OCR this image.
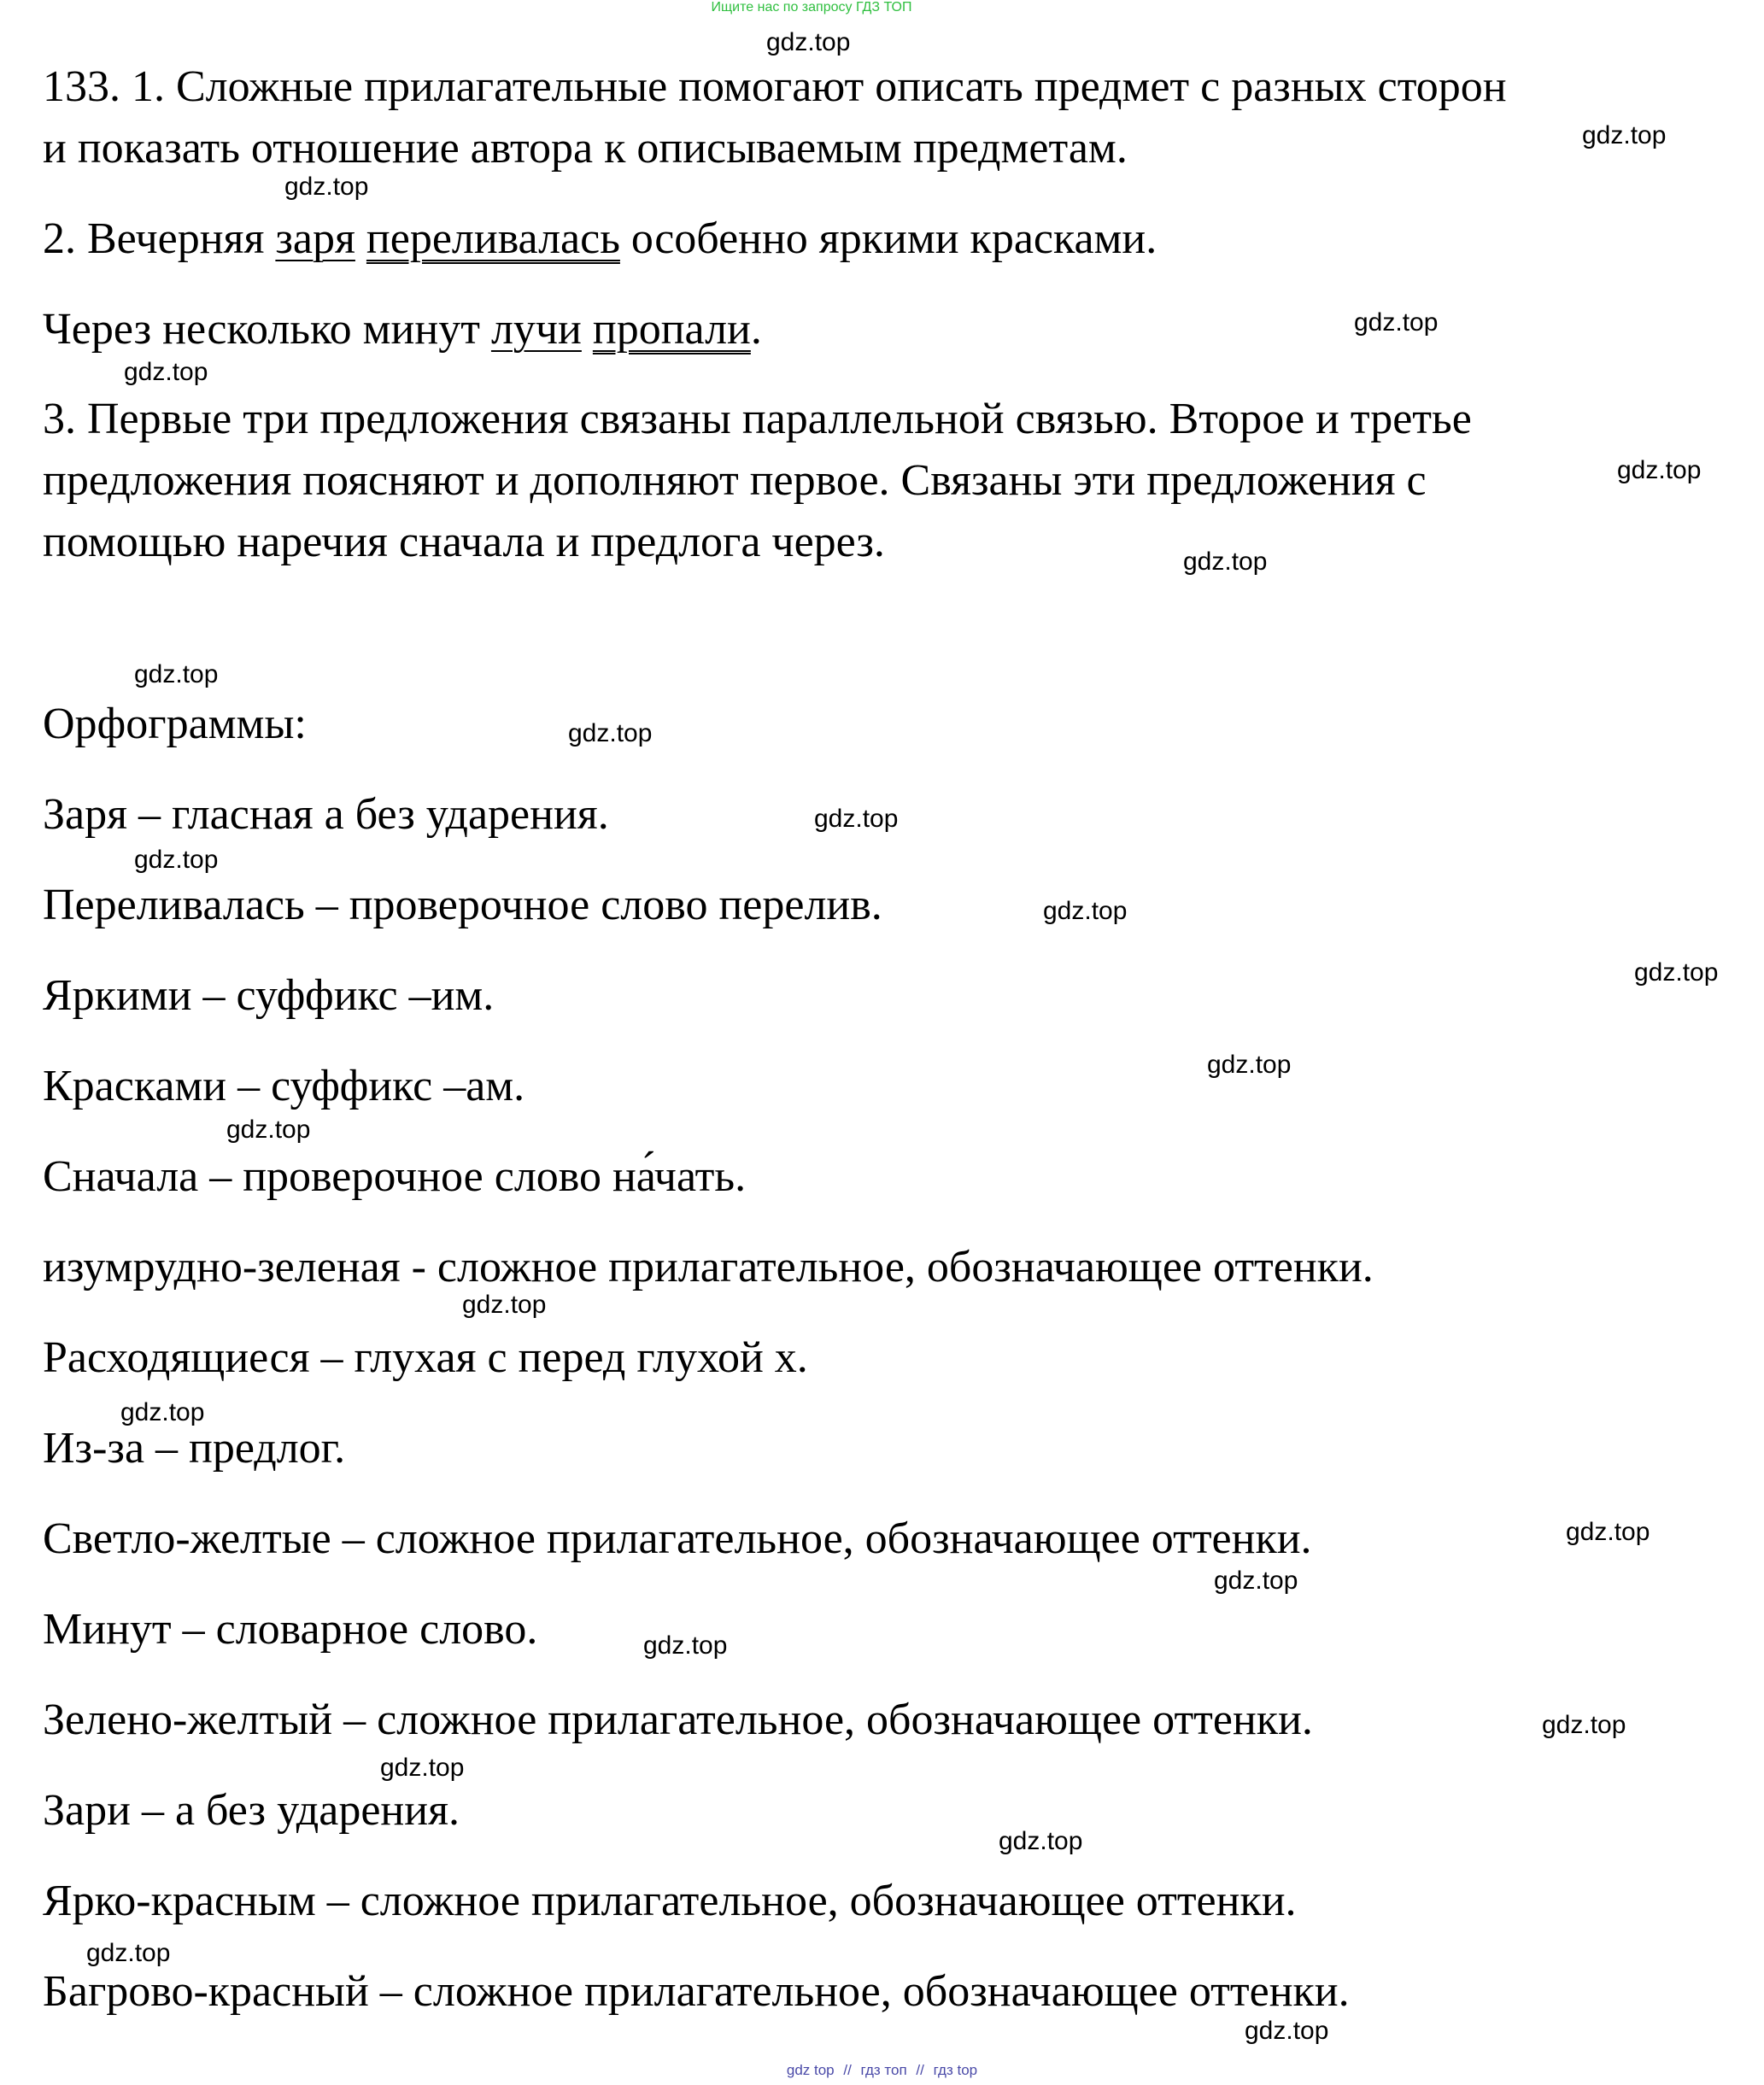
Ищите нас по запросу ГДЗ ТОП
133. 1. Сложные прилагательные помогают описать предмет с разных сторон
и показать отношение автора к описываемым предметам.
2. Вечерняя заря переливалась особенно яркими красками.
Через несколько минут лучи пропали.
3. Первые три предложения связаны параллельной связью. Второе и третье
предложения поясняют и дополняют первое. Связаны эти предложения с
помощью наречия сначала и предлога через.
Орфограммы:
Заря – гласная а без ударения.
Переливалась – проверочное слово перелив.
Яркими – суффикс –им.
Красками – суффикс –ам.
Сначала – проверочное слово на́чать.
изумрудно-зеленая - сложное прилагательное, обозначающее оттенки.
Расходящиеся – глухая с перед глухой х.
Из-за – предлог.
Светло-желтые – сложное прилагательное, обозначающее оттенки.
Минут – словарное слово.
Зелено-желтый – сложное прилагательное, обозначающее оттенки.
Зари – а без ударения.
Ярко-красным – сложное прилагательное, обозначающее оттенки.
Багрово-красный – сложное прилагательное, обозначающее оттенки.
gdz.top
gdz.top
gdz.top
gdz.top
gdz.top
gdz.top
gdz.top
gdz.top
gdz.top
gdz.top
gdz.top
gdz.top
gdz.top
gdz.top
gdz.top
gdz.top
gdz.top
gdz.top
gdz.top
gdz.top
gdz.top
gdz.top
gdz.top
gdz.top
gdz.top
gdz top // гдз топ // гдз top
